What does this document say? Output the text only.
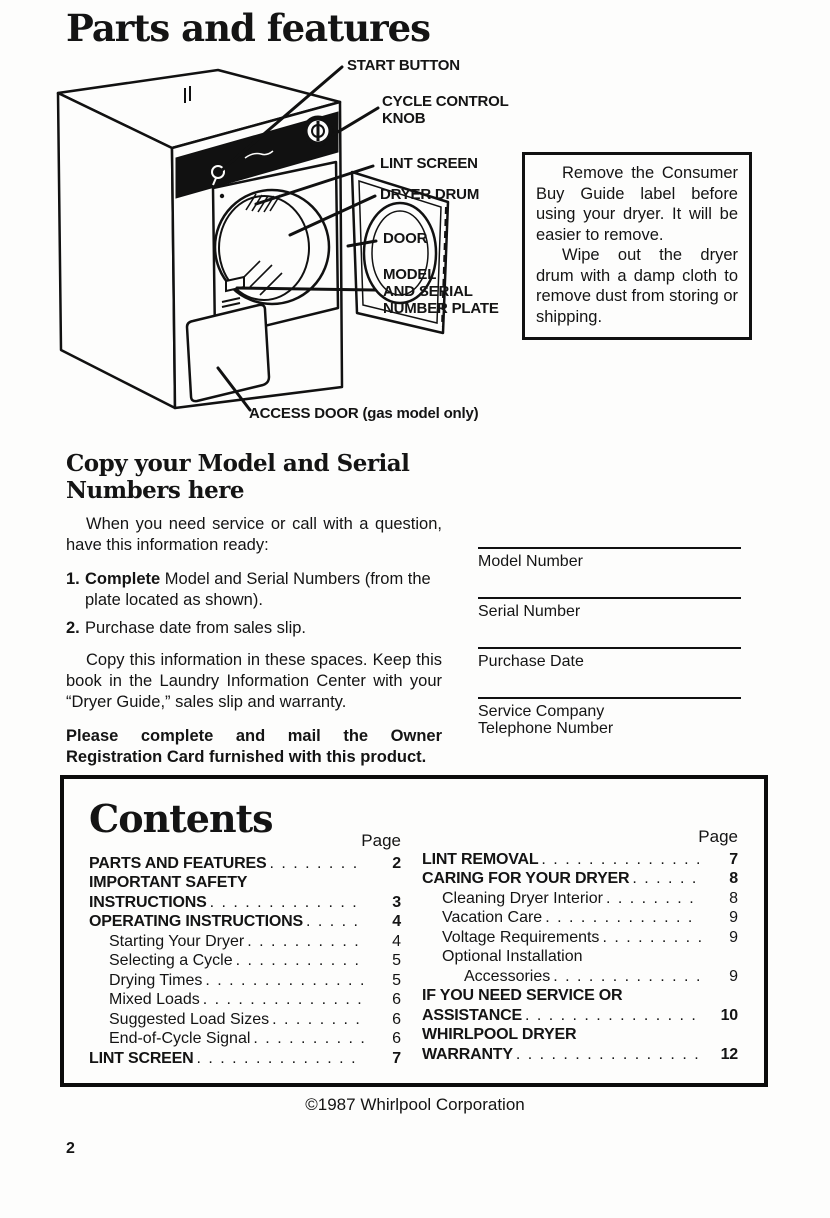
Parts and features
START BUTTON
CYCLE CONTROL
KNOB
LINT SCREEN
DRYER DRUM
DOOR
MODEL
AND SERIAL
NUMBER PLATE
ACCESS DOOR (gas model only)

Remove the Consumer Buy Guide label before using your dryer. It will be easier to remove.

Wipe out the dryer drum with a damp cloth to remove dust from storing or shipping.

Copy your Model and Serial Numbers here

When you need service or call with a question, have this information ready:

1. Complete Model and Serial Numbers (from the plate located as shown).
2. Purchase date from sales slip.

Copy this information in these spaces. Keep this book in the Laundry Information Center with your “Dryer Guide,” sales slip and warranty.

Please complete and mail the Owner Registration Card furnished with this product.

Model Number
Serial Number
Purchase Date
Service Company
Telephone Number
Contents	Page
PARTS AND FEATURES . . .	2
IMPORTANT SAFETY
INSTRUCTIONS . . .	3
OPERATING INSTRUCTIONS . . .	4
Starting Your Dryer . . .	4
Selecting a Cycle . . .	5
Drying Times . . .	5
Mixed Loads . . .	6
Suggested Load Sizes . . .	6
End-of-Cycle Signal . . .	6
LINT SCREEN . . .	7
Page
LINT REMOVAL . . .	7
CARING FOR YOUR DRYER . . .	8
Cleaning Dryer Interior . . .	8
Vacation Care . . .	9
Voltage Requirements . . .	9
Optional Installation
Accessories . . .	9
IF YOU NEED SERVICE OR
ASSISTANCE . . .	10
WHIRLPOOL DRYER
WARRANTY . . .	12
©1987 Whirlpool Corporation
2
